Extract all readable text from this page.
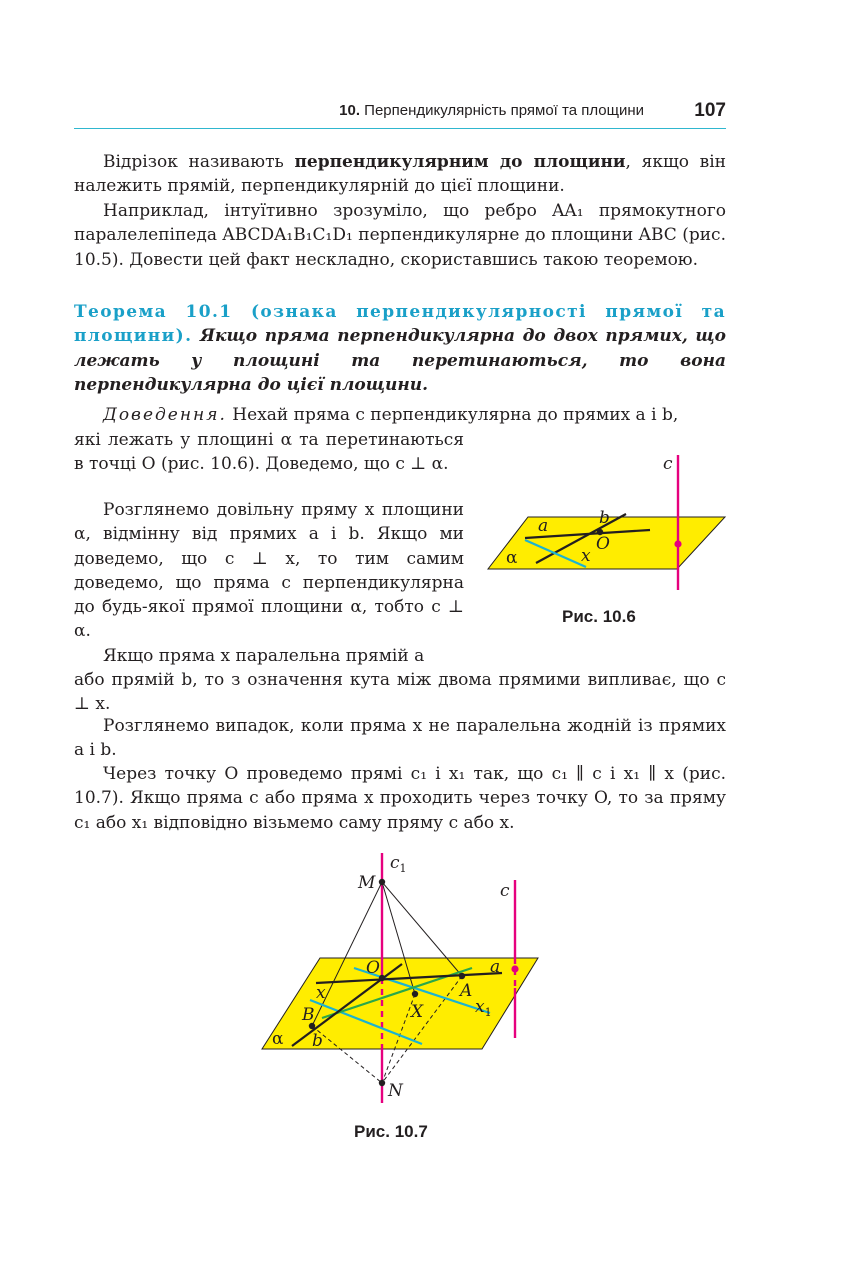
10. Перпендикулярність прямої та площини	107

Відрізок називають перпендикулярним до площини, якщо він належить прямій, перпендикулярній до цієї площини.

Наприклад, інтуїтивно зрозуміло, що ребро AA₁ прямокутного паралелепіпеда ABCDA₁B₁C₁D₁ перпендикулярне до площини ABC (рис. 10.5). Довести цей факт нескладно, скориставшись такою теоремою.

Теорема 10.1 (ознака перпендикулярності прямої та площини). Якщо пряма перпендикулярна до двох прямих, що лежать у площині та перетинаються, то вона перпендикулярна до цієї площини.

Доведення. Нехай пряма c перпендикулярна до прямих a і b,

які лежать у площині α та перетинаються в точці O (рис. 10.6). Доведемо, що c ⊥ α.

Розглянемо довільну пряму x площини α, відмінну від прямих a і b. Якщо ми доведемо, що c ⊥ x, то тим самим доведемо, що пряма c перпендикулярна до будь-якої прямої площини α, тобто c ⊥ α.

Якщо пряма x паралельна прямій a

або прямій b, то з означення кута між двома прямими випливає, що c ⊥ x.

Розглянемо випадок, коли пряма x не паралельна жодній із прямих a і b.

Через точку O проведемо прямі c₁ і x₁ так, що c₁ ∥ c і x₁ ∥ x (рис. 10.7). Якщо пряма c або пряма x проходить через точку O, то за пряму c₁ або x₁ відповідно візьмемо саму пряму c або x.

c
a	b
O
x
α
Рис. 10.6
$c_1$
M	c
O	a
x	A
$x_1$
B	X
α b
N
Рис. 10.7
